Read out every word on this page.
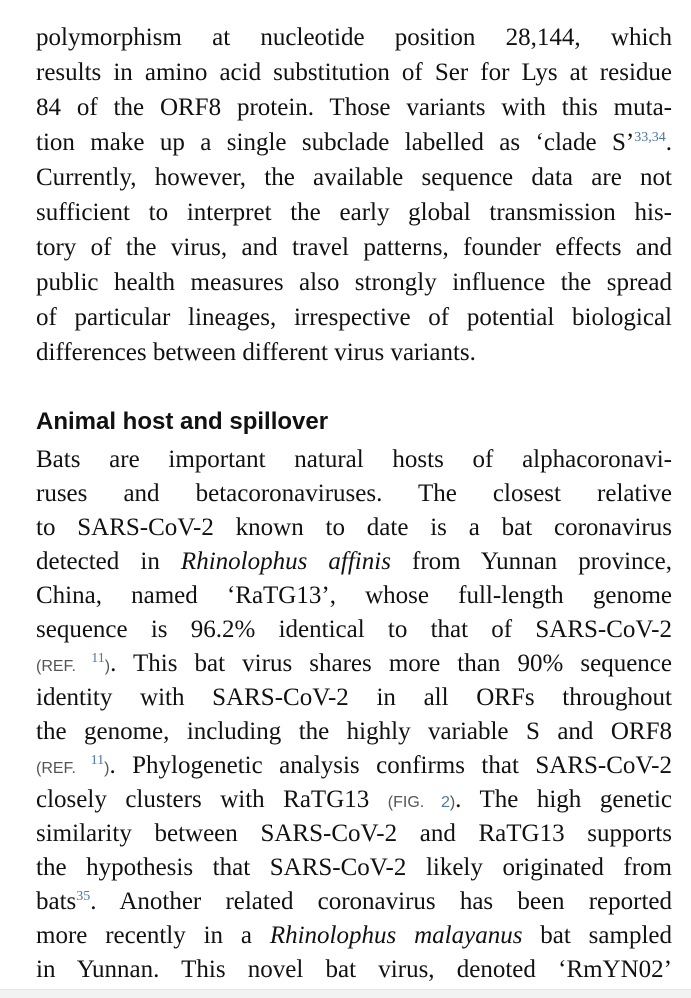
polymorphism at nucleotide position 28,144, which
results in amino acid substitution of Ser for Lys at residue
84 of the ORF8 protein. Those variants with this muta-
tion make up a single subclade labelled as ‘clade S’$^{33,34}$.
Currently, however, the available sequence data are not
sufficient to interpret the early global transmission his-
tory of the virus, and travel patterns, founder effects and
public health measures also strongly influence the spread
of particular lineages, irrespective of potential biological
differences between different virus variants.
Animal host and spillover
Bats are important natural hosts of alphacoronavi-
ruses and betacoronaviruses. The closest relative
to SARS-CoV-2 known to date is a bat coronavirus
detected in Rhinolophus affinis from Yunnan province,
China, named ‘RaTG13’, whose full-length genome
sequence is 96.2% identical to that of SARS-CoV-2
(REF. $^{11}$). This bat virus shares more than 90% sequence
identity with SARS-CoV-2 in all ORFs throughout
the genome, including the highly variable S and ORF8
(REF. $^{11}$). Phylogenetic analysis confirms that SARS-CoV-2
closely clusters with RaTG13 (FIG. 2). The high genetic
similarity between SARS-CoV-2 and RaTG13 supports
the hypothesis that SARS-CoV-2 likely originated from
bats$^{35}$. Another related coronavirus has been reported
more recently in a Rhinolophus malayanus bat sampled
in Yunnan. This novel bat virus, denoted ‘RmYN02’
